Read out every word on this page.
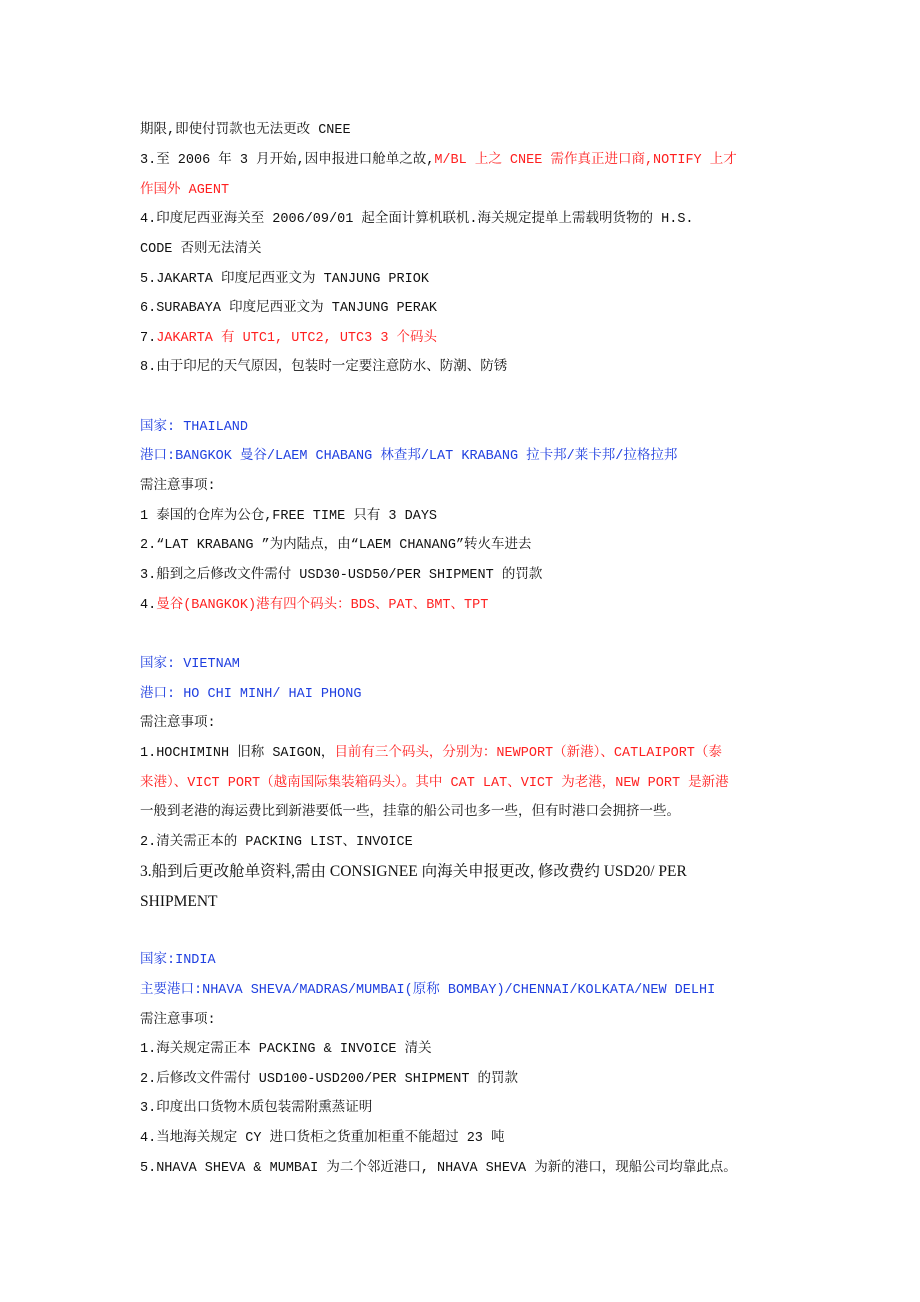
期限,即使付罚款也无法更改 CNEE
3.至 2006 年 3 月开始,因申报进口舱单之故,M/BL 上之 CNEE 需作真正进口商,NOTIFY 上才
作国外 AGENT
4.印度尼西亚海关至 2006/09/01 起全面计算机联机.海关规定提单上需载明货物的 H.S.
CODE 否则无法清关
5.JAKARTA 印度尼西亚文为 TANJUNG PRIOK
6.SURABAYA 印度尼西亚文为 TANJUNG PERAK
7.JAKARTA 有 UTC1, UTC2, UTC3 3 个码头
8.由于印尼的天气原因，包装时一定要注意防水、防潮、防锈
国家: THAILAND
港口:BANGKOK 曼谷/LAEM CHABANG 林查邦/LAT KRABANG 拉卡邦/莱卡邦/拉格拉邦
需注意事项:
1 泰国的仓库为公仓,FREE TIME 只有 3 DAYS
2.“LAT KRABANG ”为内陆点，由“LAEM CHANANG”转火车进去
3.船到之后修改文件需付 USD30-USD50/PER SHIPMENT 的罚款
4.曼谷(BANGKOK)港有四个码头：BDS、PAT、BMT、TPT
国家: VIETNAM
港口: HO CHI MINH/ HAI PHONG
需注意事项:
1.HOCHIMINH 旧称 SAIGON，目前有三个码头，分别为：NEWPORT（新港）、CATLAIPORT（泰
来港）、VICT PORT（越南国际集装箱码头）。其中 CAT LAT、VICT 为老港，NEW PORT 是新港
一般到老港的海运费比到新港要低一些，挂靠的船公司也多一些，但有时港口会拥挤一些。
2.清关需正本的 PACKING LIST、INVOICE
3.船到后更改舱单资料,需由 CONSIGNEE 向海关申报更改, 修改费约 USD20/ PER
SHIPMENT
国家:INDIA
主要港口:NHAVA SHEVA/MADRAS/MUMBAI(原称 BOMBAY)/CHENNAI/KOLKATA/NEW DELHI
需注意事项:
1.海关规定需正本 PACKING & INVOICE 清关
2.后修改文件需付 USD100-USD200/PER SHIPMENT 的罚款
3.印度出口货物木质包装需附熏蒸证明
4.当地海关规定 CY 进口货柜之货重加柜重不能超过 23 吨
5.NHAVA SHEVA & MUMBAI 为二个邻近港口, NHAVA SHEVA 为新的港口，现船公司均靠此点。
